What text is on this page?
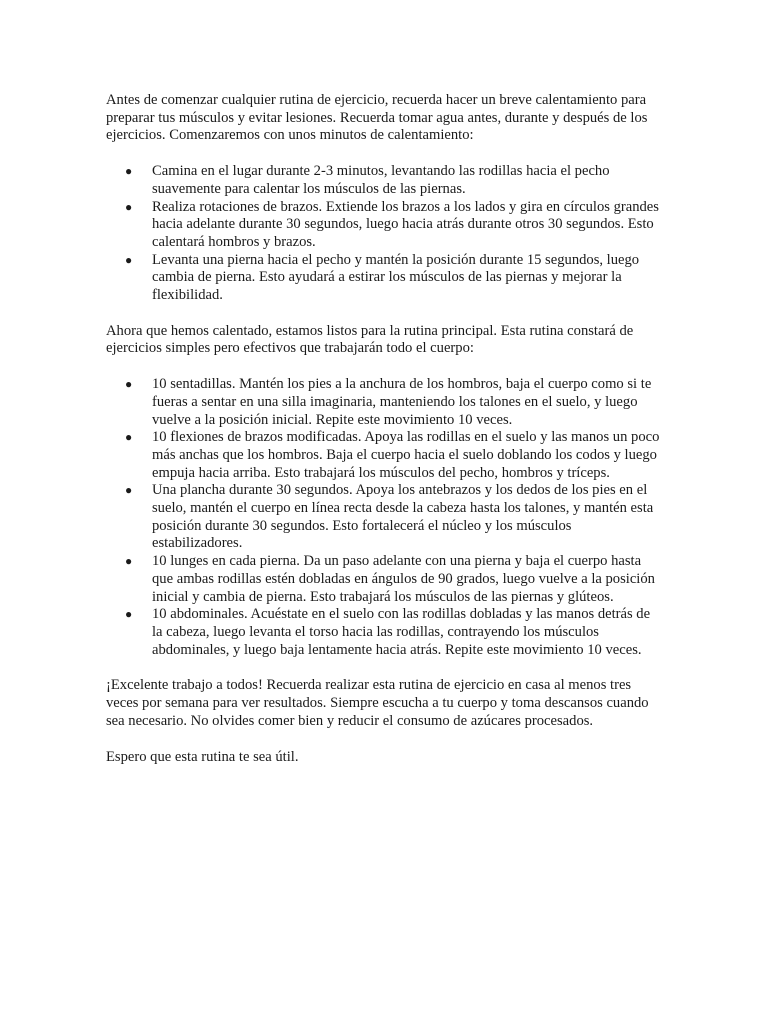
Antes de comenzar cualquier rutina de ejercicio, recuerda hacer un breve calentamiento para preparar tus músculos y evitar lesiones. Recuerda tomar agua antes, durante y después de los ejercicios. Comenzaremos con unos minutos de calentamiento:

● Camina en el lugar durante 2-3 minutos, levantando las rodillas hacia el pecho suavemente para calentar los músculos de las piernas.
● Realiza rotaciones de brazos. Extiende los brazos a los lados y gira en círculos grandes hacia adelante durante 30 segundos, luego hacia atrás durante otros 30 segundos. Esto calentará hombros y brazos.
● Levanta una pierna hacia el pecho y mantén la posición durante 15 segundos, luego cambia de pierna. Esto ayudará a estirar los músculos de las piernas y mejorar la flexibilidad.

Ahora que hemos calentado, estamos listos para la rutina principal. Esta rutina constará de ejercicios simples pero efectivos que trabajarán todo el cuerpo:

● 10 sentadillas. Mantén los pies a la anchura de los hombros, baja el cuerpo como si te fueras a sentar en una silla imaginaria, manteniendo los talones en el suelo, y luego vuelve a la posición inicial. Repite este movimiento 10 veces.
● 10 flexiones de brazos modificadas. Apoya las rodillas en el suelo y las manos un poco más anchas que los hombros. Baja el cuerpo hacia el suelo doblando los codos y luego empuja hacia arriba. Esto trabajará los músculos del pecho, hombros y tríceps.
● Una plancha durante 30 segundos. Apoya los antebrazos y los dedos de los pies en el suelo, mantén el cuerpo en línea recta desde la cabeza hasta los talones, y mantén esta posición durante 30 segundos. Esto fortalecerá el núcleo y los músculos estabilizadores.
● 10 lunges en cada pierna. Da un paso adelante con una pierna y baja el cuerpo hasta que ambas rodillas estén dobladas en ángulos de 90 grados, luego vuelve a la posición inicial y cambia de pierna. Esto trabajará los músculos de las piernas y glúteos.
● 10 abdominales. Acuéstate en el suelo con las rodillas dobladas y las manos detrás de la cabeza, luego levanta el torso hacia las rodillas, contrayendo los músculos abdominales, y luego baja lentamente hacia atrás. Repite este movimiento 10 veces.

¡Excelente trabajo a todos! Recuerda realizar esta rutina de ejercicio en casa al menos tres veces por semana para ver resultados. Siempre escucha a tu cuerpo y toma descansos cuando sea necesario. No olvides comer bien y reducir el consumo de azúcares procesados.

Espero que esta rutina te sea útil.
